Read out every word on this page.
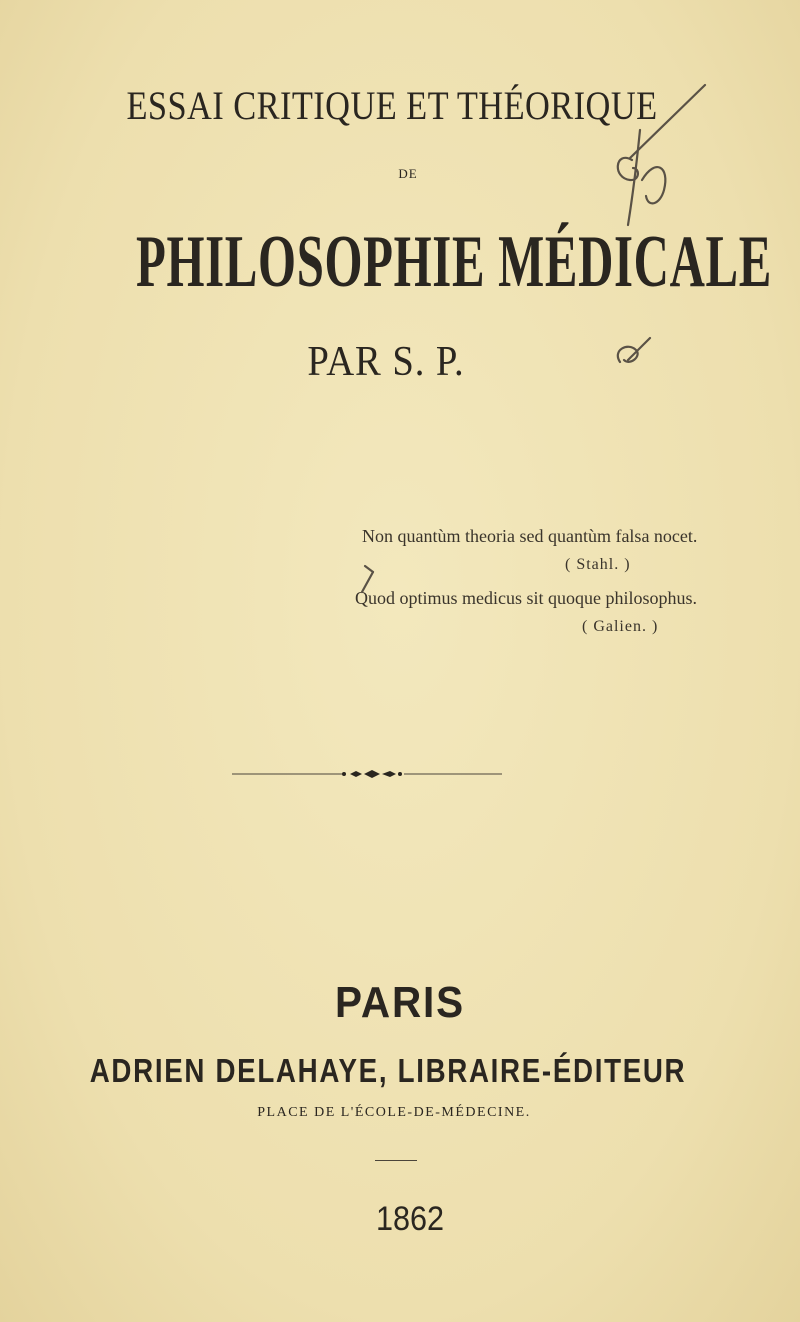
ESSAI CRITIQUE ET THÉORIQUE
DE
PHILOSOPHIE MÉDICALE
PAR S. P.
Non quantùm theoria sed quantùm falsa nocet.
( Stahl. )
Quod optimus medicus sit quoque philosophus.
( Galien. )
PARIS
ADRIEN DELAHAYE, LIBRAIRE-ÉDITEUR
PLACE DE L'ÉCOLE-DE-MÉDECINE.
1862
